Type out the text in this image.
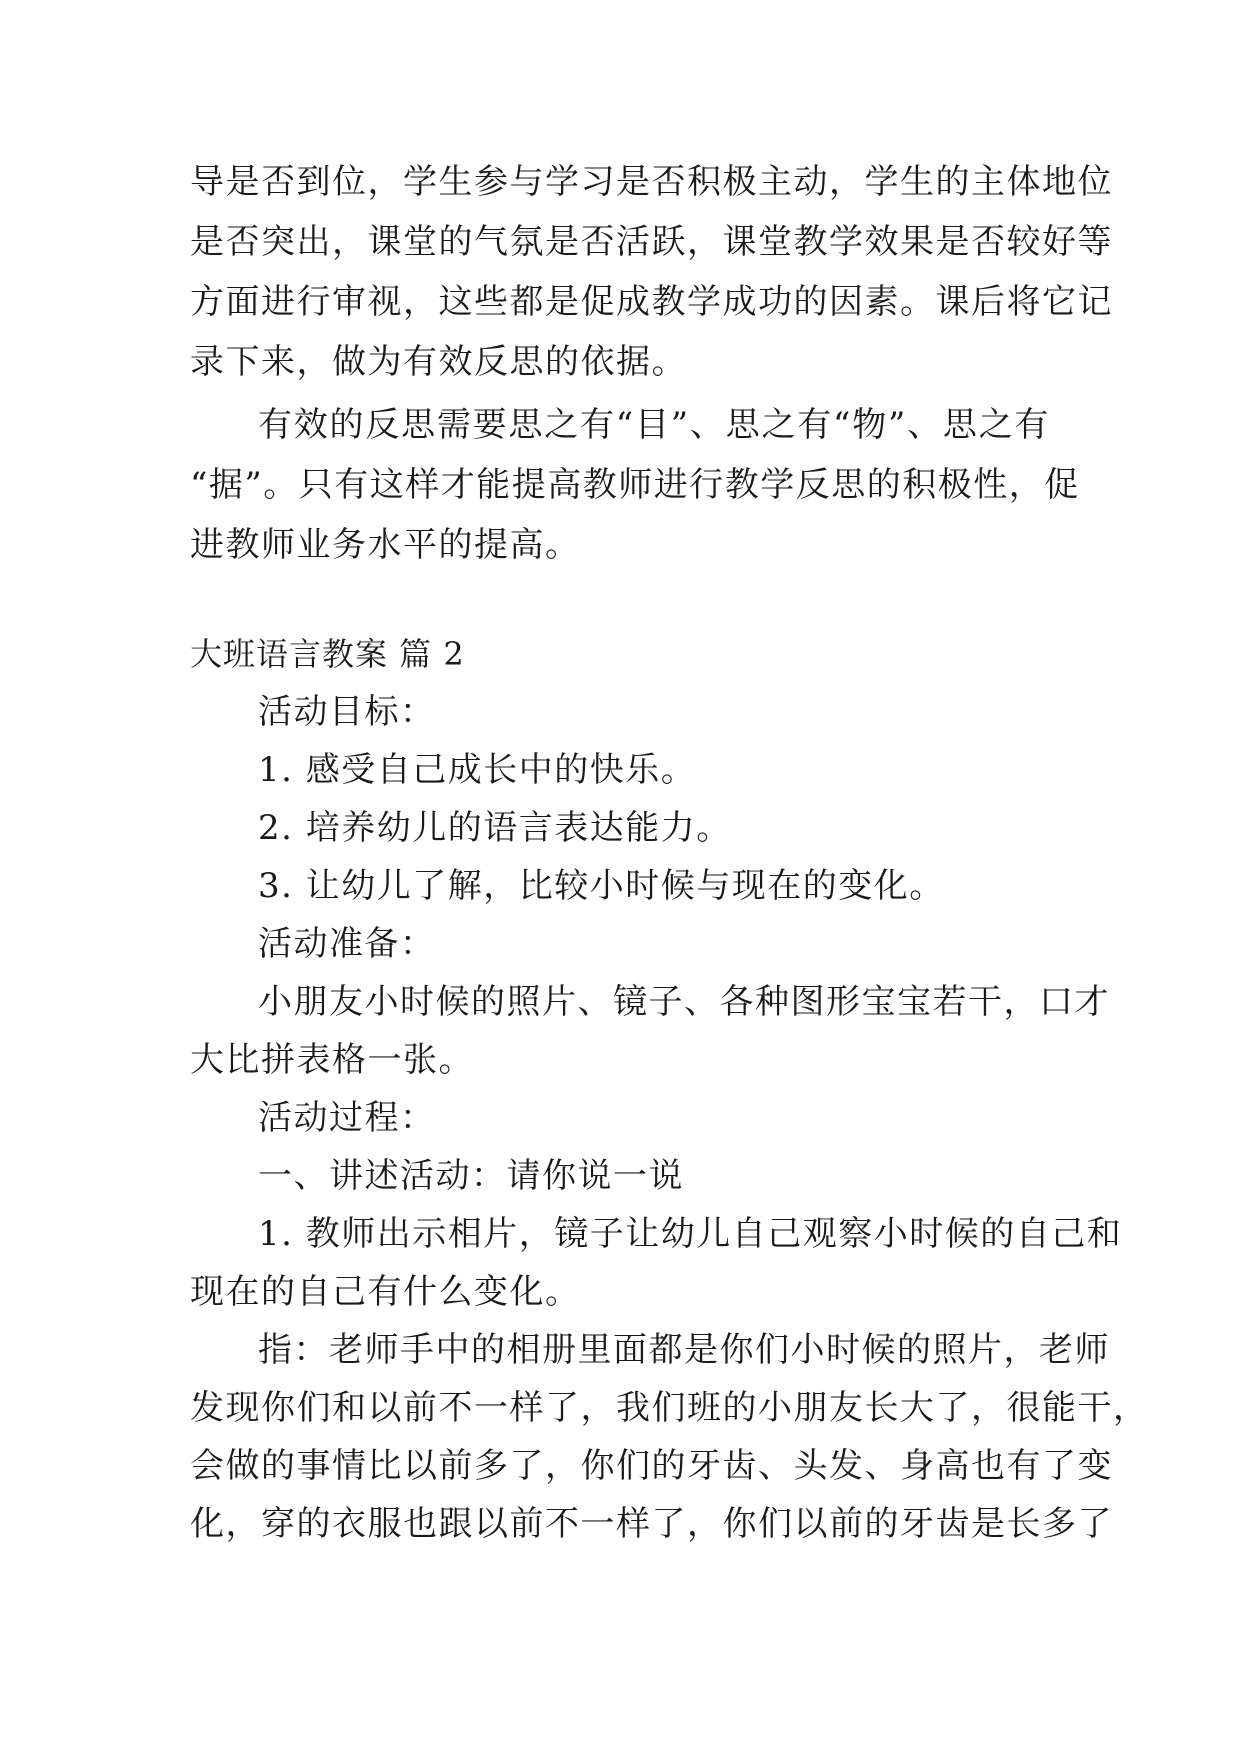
导是否到位，学生参与学习是否积极主动，学生的主体地位
是否突出，课堂的气氛是否活跃，课堂教学效果是否较好等
方面进行审视，这些都是促成教学成功的因素。课后将它记
录下来，做为有效反思的依据。
有效的反思需要思之有“目”、思之有“物”、思之有
“据”。只有这样才能提高教师进行教学反思的积极性，促
进教师业务水平的提高。
大班语言教案 篇 2
活动目标：
1. 感受自己成长中的快乐。
2. 培养幼儿的语言表达能力。
3. 让幼儿了解，比较小时候与现在的变化。
活动准备：
小朋友小时候的照片、镜子、各种图形宝宝若干，口才
大比拼表格一张。
活动过程：
一、讲述活动：请你说一说
1. 教师出示相片，镜子让幼儿自己观察小时候的自己和
现在的自己有什么变化。
指：老师手中的相册里面都是你们小时候的照片，老师
发现你们和以前不一样了，我们班的小朋友长大了，很能干，
会做的事情比以前多了，你们的牙齿、头发、身高也有了变
化，穿的衣服也跟以前不一样了，你们以前的牙齿是长多了
